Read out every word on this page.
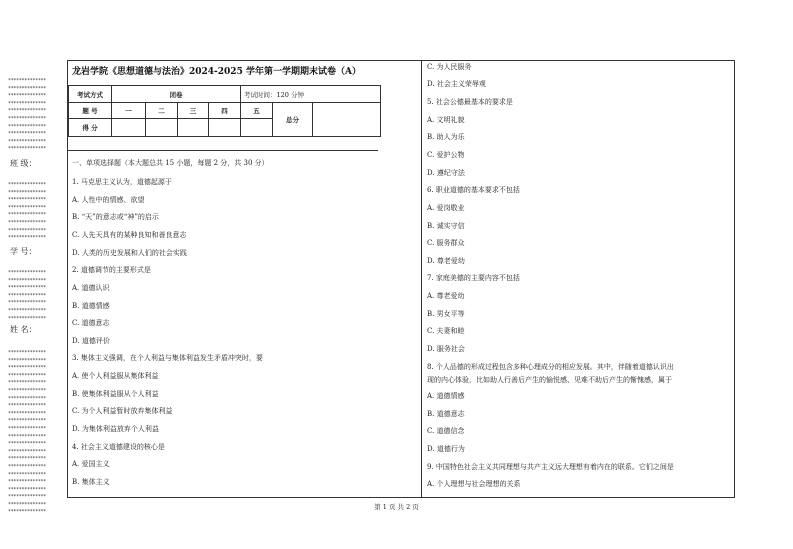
**************
**************
**************
**************
**************
**************
**************
**************
**************
**************
班 级：
**************
**************
**************
**************
**************
**************
**************
**************
学 号：
**************
**************
**************
**************
**************
**************
**************
姓 名：
**************
**************
**************
**************
**************
**************
**************
**************
**************
**************
**************
**************
**************
**************
**************
**************
**************
**************
**************
**************
**************
**************
龙岩学院《思想道德与法治》2024-2025 学年第一学期期末试卷（A）
考试方式	闭卷				考试时间：120 分钟		
题 号	一	二	三	四	五	总分	
得 分							
一、单项选择题（本大题总共 15 小题，每题 2 分，共 30 分）
1. 马克思主义认为，道德起源于
A. 人性中的情感、欲望
B. “天”的意志或“神”的启示
C. 人先天具有的某种良知和善良意志
D. 人类的历史发展和人们的社会实践
2. 道德调节的主要形式是
A. 道德认识
B. 道德情感
C. 道德意志
D. 道德评价
3. 集体主义强调，在个人利益与集体利益发生矛盾冲突时，要
A. 使个人利益服从集体利益
B. 使集体利益服从个人利益
C. 为个人利益暂时放弃集体利益
D. 为集体利益放弃个人利益
4. 社会主义道德建设的核心是
A. 爱国主义
B. 集体主义
C. 为人民服务
D. 社会主义荣辱观
5. 社会公德最基本的要求是
A. 文明礼貌
B. 助人为乐
C. 爱护公物
D. 遵纪守法
6. 职业道德的基本要求不包括
A. 爱岗敬业
B. 诚实守信
C. 服务群众
D. 尊老爱幼
7. 家庭美德的主要内容不包括
A. 尊老爱幼
B. 男女平等
C. 夫妻和睦
D. 服务社会
8. 个人品德的形成过程包含多种心理成分的相应发展。其中，伴随着道德认识出
现的内心体验，比如助人行善后产生的愉悦感、见难不助后产生的惭愧感，属于
A. 道德情感
B. 道德意志
C. 道德信念
D. 道德行为
9. 中国特色社会主义共同理想与共产主义远大理想有着内在的联系。它们之间是
A. 个人理想与社会理想的关系
第 1 页 共 2 页
